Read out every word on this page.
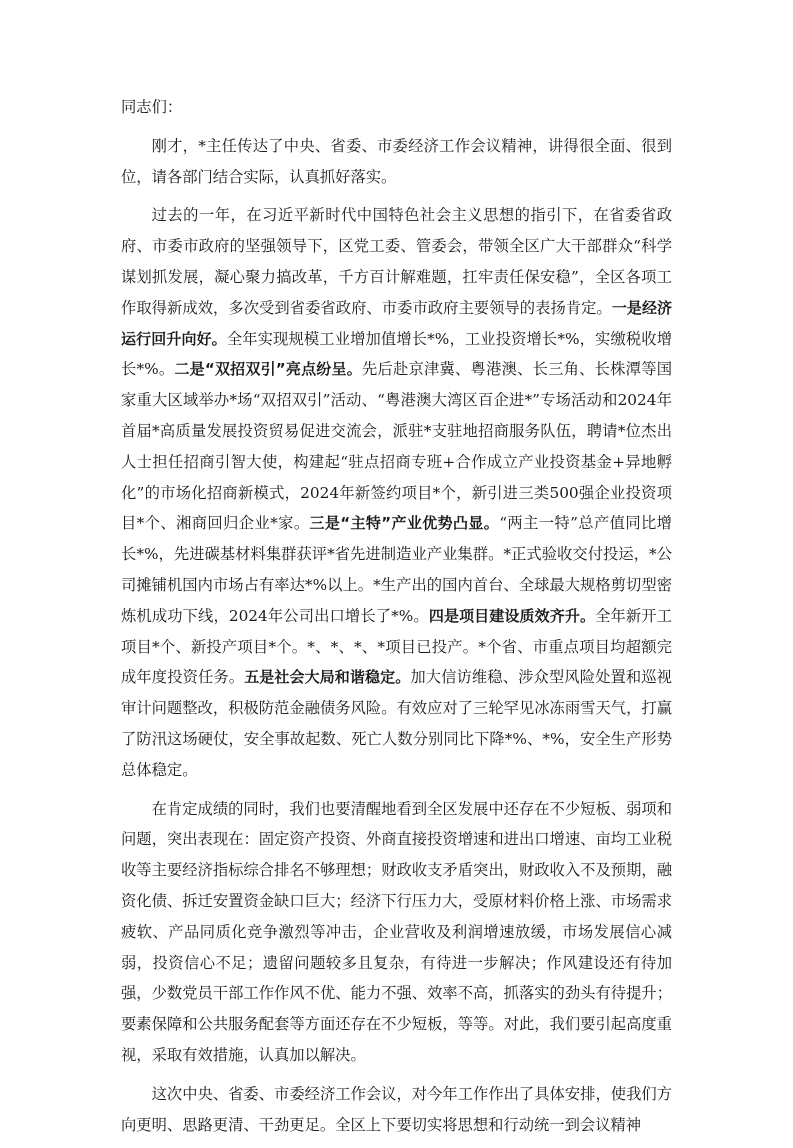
同志们：

刚才，*主任传达了中央、省委、市委经济工作会议精神，讲得很全面、很到位，请各部门结合实际，认真抓好落实。

过去的一年，在习近平新时代中国特色社会主义思想的指引下，在省委省政府、市委市政府的坚强领导下，区党工委、管委会，带领全区广大干部群众“科学谋划抓发展，凝心聚力搞改革，千方百计解难题，扛牢责任保安稳”，全区各项工作取得新成效，多次受到省委省政府、市委市政府主要领导的表扬肯定。一是经济运行回升向好。全年实现规模工业增加值增长*%，工业投资增长*%，实缴税收增长*%。二是“双招双引”亮点纷呈。先后赴京津冀、粤港澳、长三角、长株潭等国家重大区域举办*场“双招双引”活动、“粤港澳大湾区百企进*”专场活动和2024年首届*高质量发展投资贸易促进交流会，派驻*支驻地招商服务队伍，聘请*位杰出人士担任招商引智大使，构建起“驻点招商专班+合作成立产业投资基金+异地孵化”的市场化招商新模式，2024年新签约项目*个，新引进三类500强企业投资项目*个、湘商回归企业*家。三是“主特”产业优势凸显。“两主一特”总产值同比增长*%，先进碳基材料集群获评*省先进制造业产业集群。*正式验收交付投运，*公司摊铺机国内市场占有率达*%以上。*生产出的国内首台、全球最大规格剪切型密炼机成功下线，2024年公司出口增长了*%。四是项目建设质效齐升。全年新开工项目*个、新投产项目*个。*、*、*、*项目已投产。*个省、市重点项目均超额完成年度投资任务。五是社会大局和谐稳定。加大信访维稳、涉众型风险处置和巡视审计问题整改，积极防范金融债务风险。有效应对了三轮罕见冰冻雨雪天气，打赢了防汛这场硬仗，安全事故起数、死亡人数分别同比下降*%、*%，安全生产形势总体稳定。

在肯定成绩的同时，我们也要清醒地看到全区发展中还存在不少短板、弱项和问题，突出表现在：固定资产投资、外商直接投资增速和进出口增速、亩均工业税收等主要经济指标综合排名不够理想；财政收支矛盾突出，财政收入不及预期，融资化债、拆迁安置资金缺口巨大；经济下行压力大，受原材料价格上涨、市场需求疲软、产品同质化竞争激烈等冲击，企业营收及利润增速放缓，市场发展信心减弱，投资信心不足；遗留问题较多且复杂，有待进一步解决；作风建设还有待加强，少数党员干部工作作风不优、能力不强、效率不高，抓落实的劲头有待提升；要素保障和公共服务配套等方面还存在不少短板，等等。对此，我们要引起高度重视，采取有效措施，认真加以解决。

这次中央、省委、市委经济工作会议，对今年工作作出了具体安排，使我们方向更明、思路更清、干劲更足。全区上下要切实将思想和行动统一到会议精神
